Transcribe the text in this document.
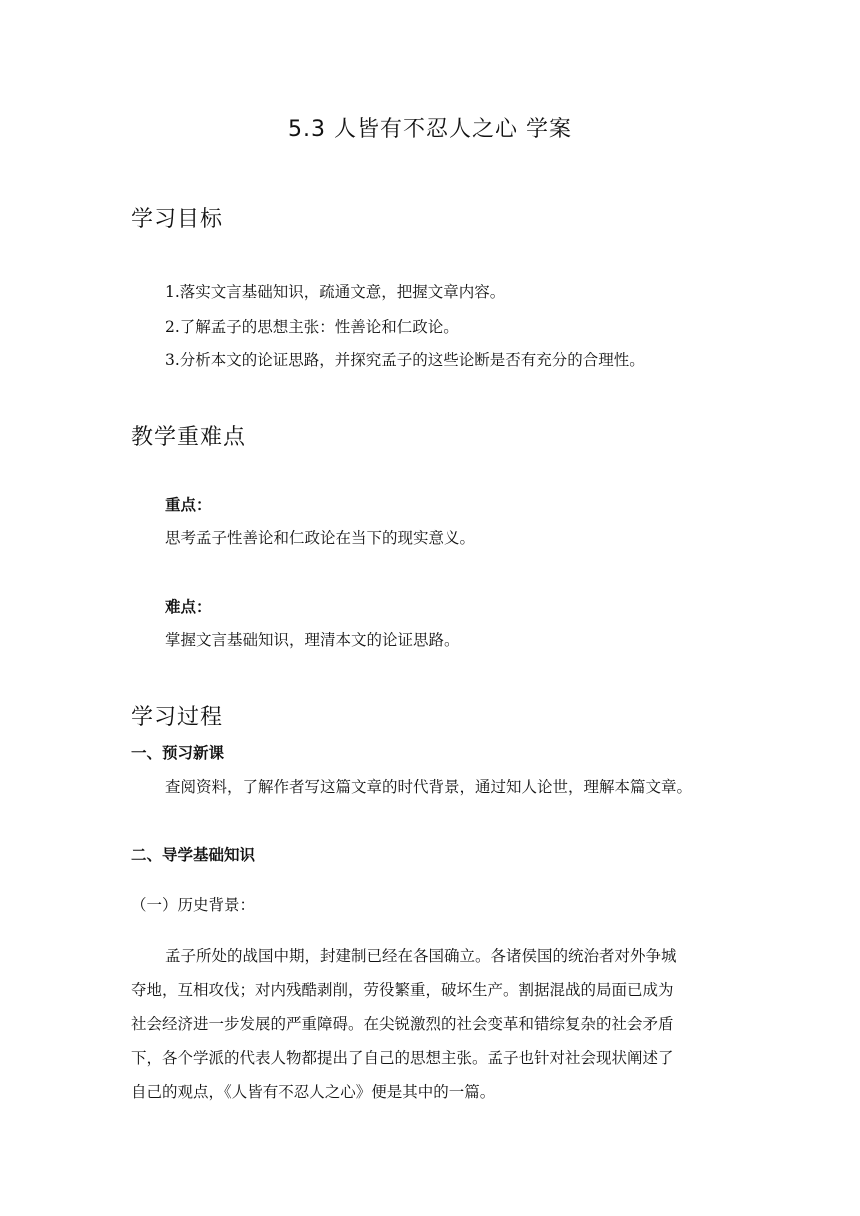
5.3 人皆有不忍人之心 学案
学习目标

1.落实文言基础知识，疏通文意，把握文章内容。

2.了解孟子的思想主张：性善论和仁政论。

3.分析本文的论证思路，并探究孟子的这些论断是否有充分的合理性。

教学重难点

重点：

思考孟子性善论和仁政论在当下的现实意义。

难点：

掌握文言基础知识，理清本文的论证思路。

学习过程

一、预习新课

查阅资料，了解作者写这篇文章的时代背景，通过知人论世，理解本篇文章。

二、导学基础知识

（一）历史背景：

孟子所处的战国中期，封建制已经在各国确立。各诸侯国的统治者对外争城

夺地，互相攻伐；对内残酷剥削，劳役繁重，破坏生产。割据混战的局面已成为

社会经济进一步发展的严重障碍。在尖锐激烈的社会变革和错综复杂的社会矛盾

下，各个学派的代表人物都提出了自己的思想主张。孟子也针对社会现状阐述了

自己的观点，《人皆有不忍人之心》便是其中的一篇。
